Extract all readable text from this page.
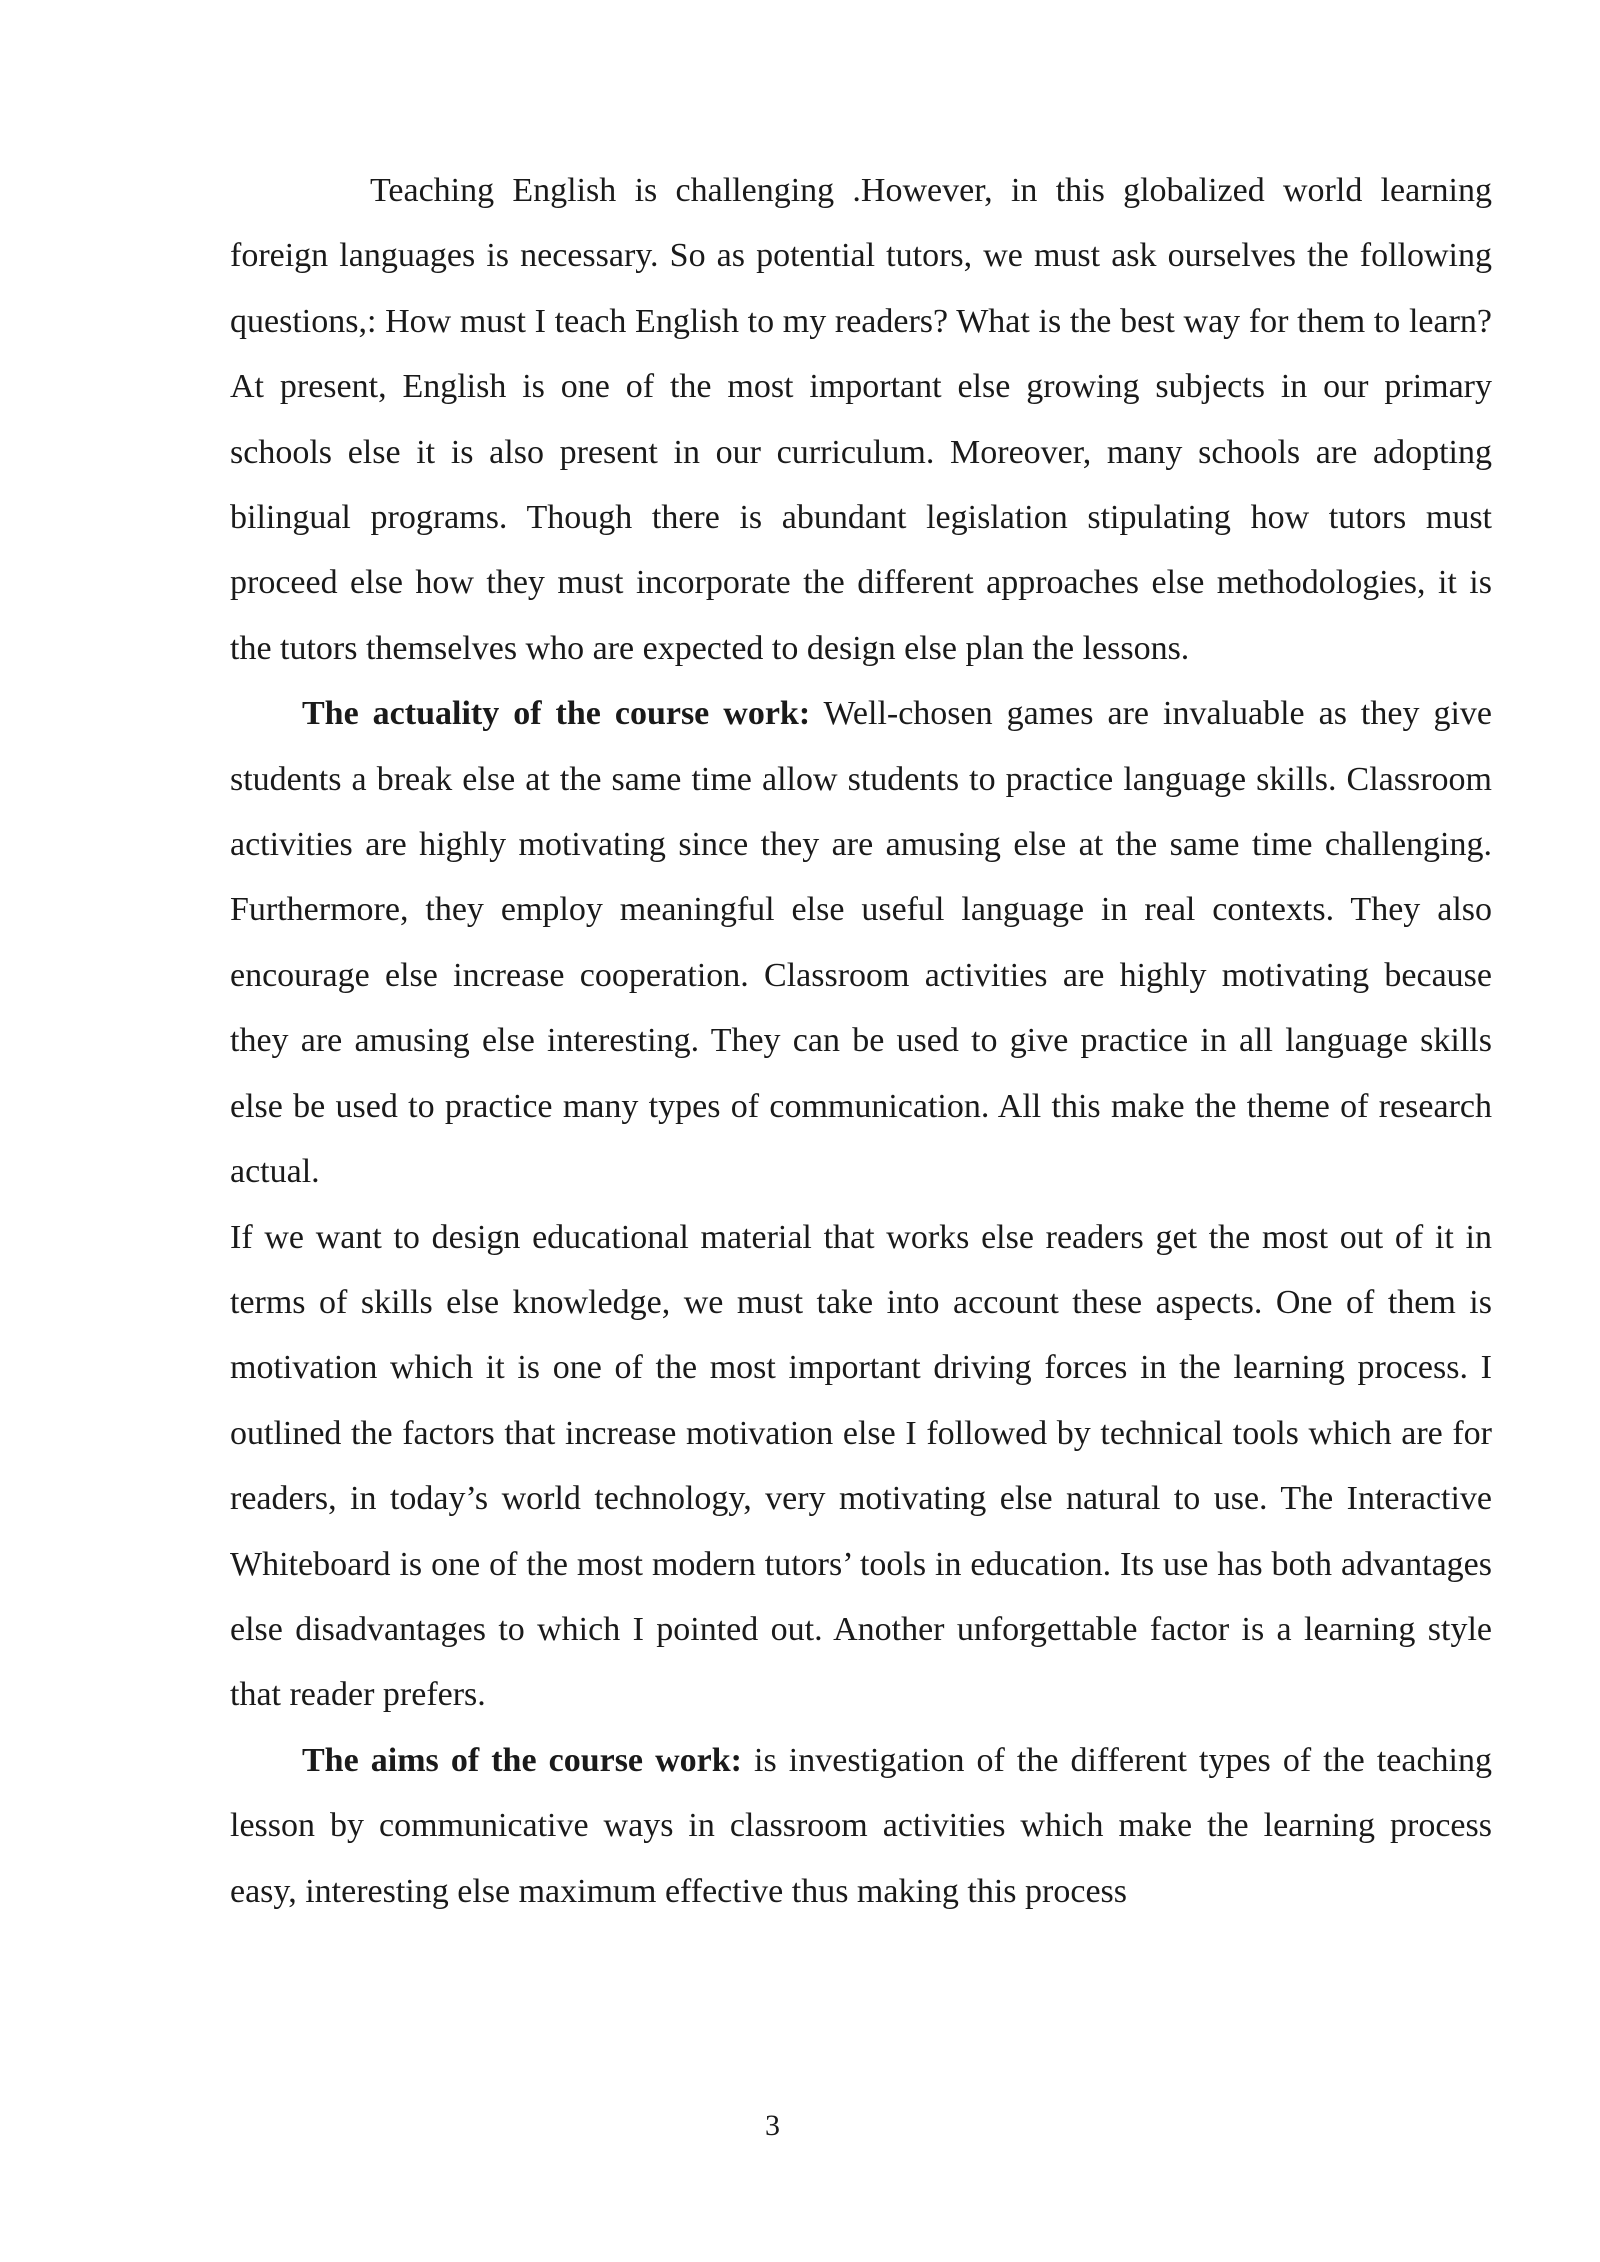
Teaching English is challenging .However, in this globalized world learning foreign languages is necessary. So as potential tutors, we must ask ourselves the following questions,: How must I teach English to my readers? What is the best way for them to learn?At present, English is one of the most important else growing subjects in our primary schools else it is also present in our curriculum. Moreover, many schools are adopting bilingual programs. Though there is abundant legislation stipulating how tutors must proceed else how they must incorporate the different approaches else methodologies, it is the tutors themselves who are expected to design else plan the lessons.

The actuality of the course work: Well-chosen games are invaluable as they give students a break else at the same time allow students to practice language skills. Classroom activities are highly motivating since they are amusing else at the same time challenging. Furthermore, they employ meaningful else useful language in real contexts. They also encourage else increase cooperation. Classroom activities are highly motivating because they are amusing else interesting. They can be used to give practice in all language skills else be used to practice many types of communication. All this make the theme of research actual.

If we want to design educational material that works else readers get the most out of it in terms of skills else knowledge, we must take into account these aspects. One of them is motivation which it is one of the most important driving forces in the learning process. I outlined the factors that increase motivation else I followed by technical tools which are for readers, in today’s world technology, very motivating else natural to use. The Interactive Whiteboard is one of the most modern tutors’ tools in education. Its use has both advantages else disadvantages to which I pointed out. Another unforgettable factor is a learning style that reader prefers.

The aims of the course work: is investigation of the different types of the teaching lesson by communicative ways in classroom activities which make the learning process easy, interesting else maximum effective thus making this process

3
